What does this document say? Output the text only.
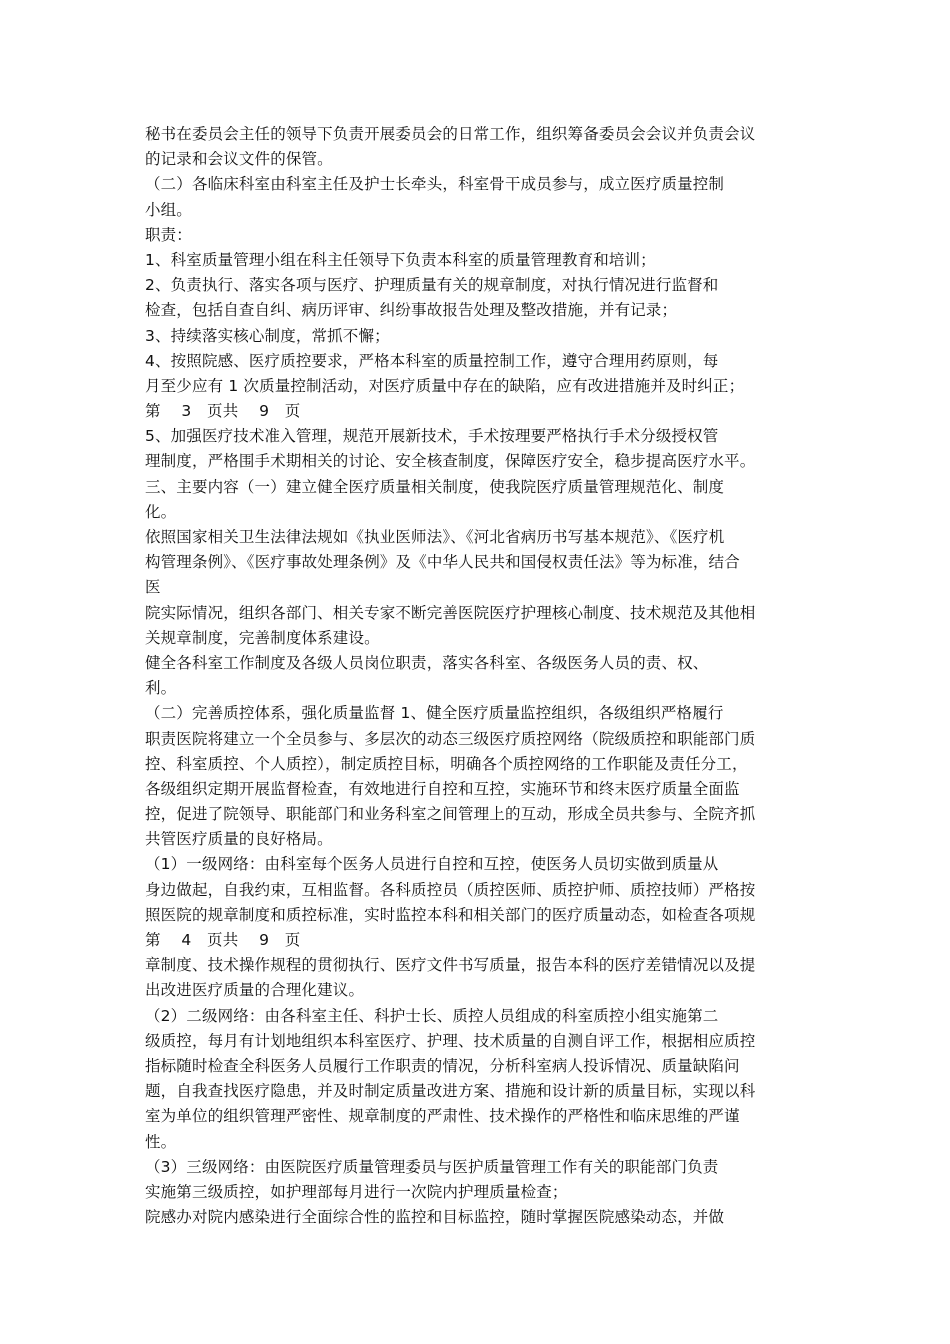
秘书在委员会主任的领导下负责开展委员会的日常工作，组织筹备委员会会议并负责会议
的记录和会议文件的保管。
（二）各临床科室由科室主任及护士长牵头，科室骨干成员参与，成立医疗质量控制
小组。
职责：
1、科室质量管理小组在科主任领导下负责本科室的质量管理教育和培训；
2、负责执行、落实各项与医疗、护理质量有关的规章制度，对执行情况进行监督和
检查，包括自查自纠、病历评审、纠纷事故报告处理及整改措施，并有记录；
3、持续落实核心制度，常抓不懈；
4、按照院感、医疗质控要求，严格本科室的质量控制工作，遵守合理用药原则，每
月至少应有 1 次质量控制活动，对医疗质量中存在的缺陷，应有改进措施并及时纠正；
第　 3　页共　 9　页
5、加强医疗技术准入管理，规范开展新技术，手术按理要严格执行手术分级授权管
理制度，严格围手术期相关的讨论、安全核查制度，保障医疗安全，稳步提高医疗水平。
三、主要内容（一）建立健全医疗质量相关制度，使我院医疗质量管理规范化、制度
化。
依照国家相关卫生法律法规如《执业医师法》、《河北省病历书写基本规范》、《医疗机
构管理条例》、《医疗事故处理条例》及《中华人民共和国侵权责任法》等为标准，结合
医
院实际情况，组织各部门、相关专家不断完善医院医疗护理核心制度、技术规范及其他相
关规章制度，完善制度体系建设。
健全各科室工作制度及各级人员岗位职责，落实各科室、各级医务人员的责、权、
利。
（二）完善质控体系，强化质量监督 1、健全医疗质量监控组织，各级组织严格履行
职责医院将建立一个全员参与、多层次的动态三级医疗质控网络（院级质控和职能部门质
控、科室质控、个人质控），制定质控目标，明确各个质控网络的工作职能及责任分工，
各级组织定期开展监督检查，有效地进行自控和互控，实施环节和终末医疗质量全面监
控，促进了院领导、职能部门和业务科室之间管理上的互动，形成全员共参与、全院齐抓
共管医疗质量的良好格局。
（1）一级网络：由科室每个医务人员进行自控和互控，使医务人员切实做到质量从
身边做起，自我约束，互相监督。各科质控员（质控医师、质控护师、质控技师）严格按
照医院的规章制度和质控标准，实时监控本科和相关部门的医疗质量动态，如检查各项规
第　 4　页共　 9　页
章制度、技术操作规程的贯彻执行、医疗文件书写质量，报告本科的医疗差错情况以及提
出改进医疗质量的合理化建议。
（2）二级网络：由各科室主任、科护士长、质控人员组成的科室质控小组实施第二
级质控，每月有计划地组织本科室医疗、护理、技术质量的自测自评工作，根据相应质控
指标随时检查全科医务人员履行工作职责的情况，分析科室病人投诉情况、质量缺陷问
题，自我查找医疗隐患，并及时制定质量改进方案、措施和设计新的质量目标，实现以科
室为单位的组织管理严密性、规章制度的严肃性、技术操作的严格性和临床思维的严谨
性。
（3）三级网络：由医院医疗质量管理委员与医护质量管理工作有关的职能部门负责
实施第三级质控，如护理部每月进行一次院内护理质量检查；
院感办对院内感染进行全面综合性的监控和目标监控，随时掌握医院感染动态，并做
